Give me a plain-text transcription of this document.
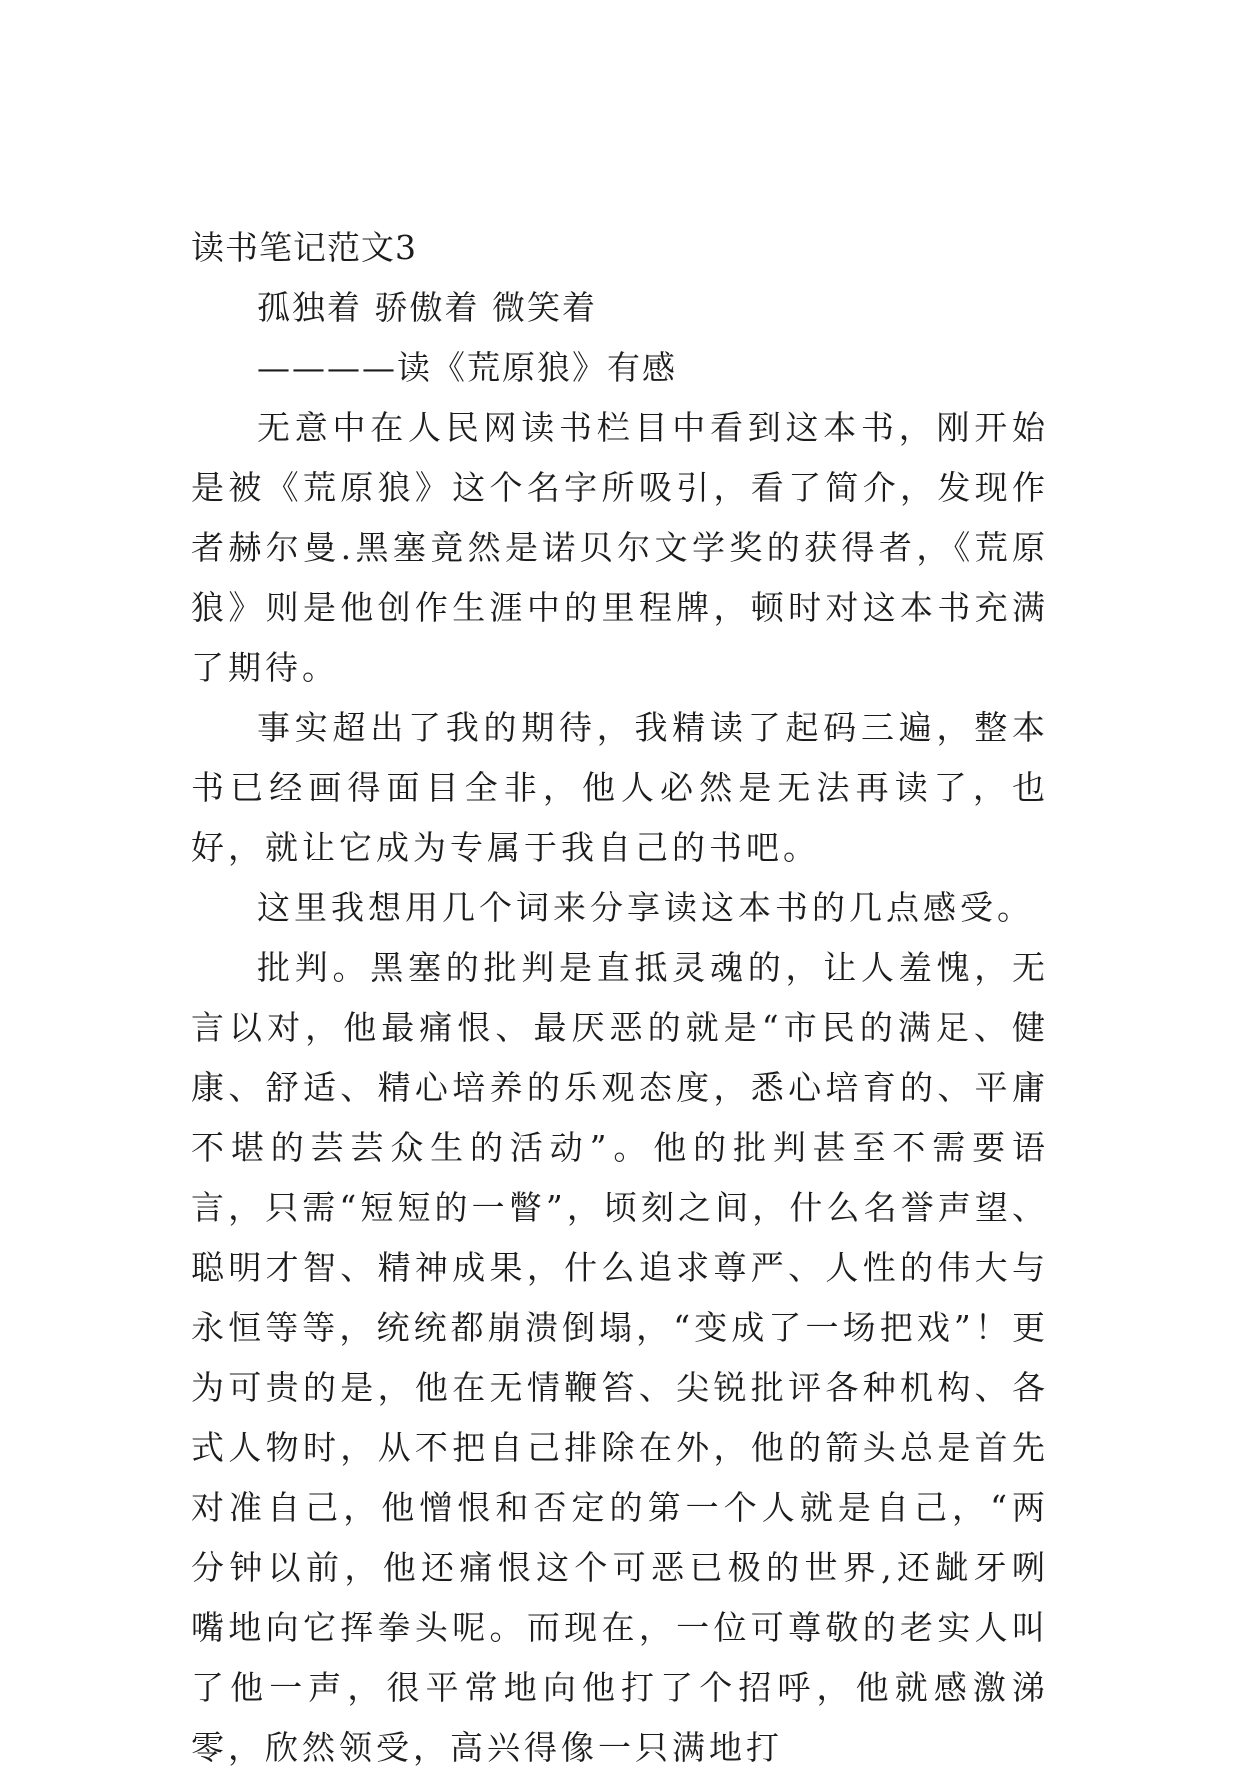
读书笔记范文3

孤独着 骄傲着 微笑着

————读《荒原狼》有感

无意中在人民网读书栏目中看到这本书，刚开始是被《荒原狼》这个名字所吸引，看了简介，发现作者赫尔曼.黑塞竟然是诺贝尔文学奖的获得者，《荒原狼》则是他创作生涯中的里程牌，顿时对这本书充满了期待。

事实超出了我的期待，我精读了起码三遍，整本书已经画得面目全非，他人必然是无法再读了，也好，就让它成为专属于我自己的书吧。

这里我想用几个词来分享读这本书的几点感受。

批判。黑塞的批判是直抵灵魂的，让人羞愧，无言以对，他最痛恨、最厌恶的就是“市民的满足、健康、舒适、精心培养的乐观态度，悉心培育的、平庸不堪的芸芸众生的活动”。他的批判甚至不需要语言，只需“短短的一瞥”，顷刻之间，什么名誉声望、聪明才智、精神成果，什么追求尊严、人性的伟大与永恒等等，统统都崩溃倒塌，“变成了一场把戏”！更为可贵的是，他在无情鞭笞、尖锐批评各种机构、各式人物时，从不把自己排除在外，他的箭头总是首先对准自己，他憎恨和否定的第一个人就是自己，“两分钟以前，他还痛恨这个可恶已极的世界,还龇牙咧嘴地向它挥拳头呢。而现在，一位可尊敬的老实人叫了他一声，很平常地向他打了个招呼，他就感激涕零，欣然领受，高兴得像一只满地打
